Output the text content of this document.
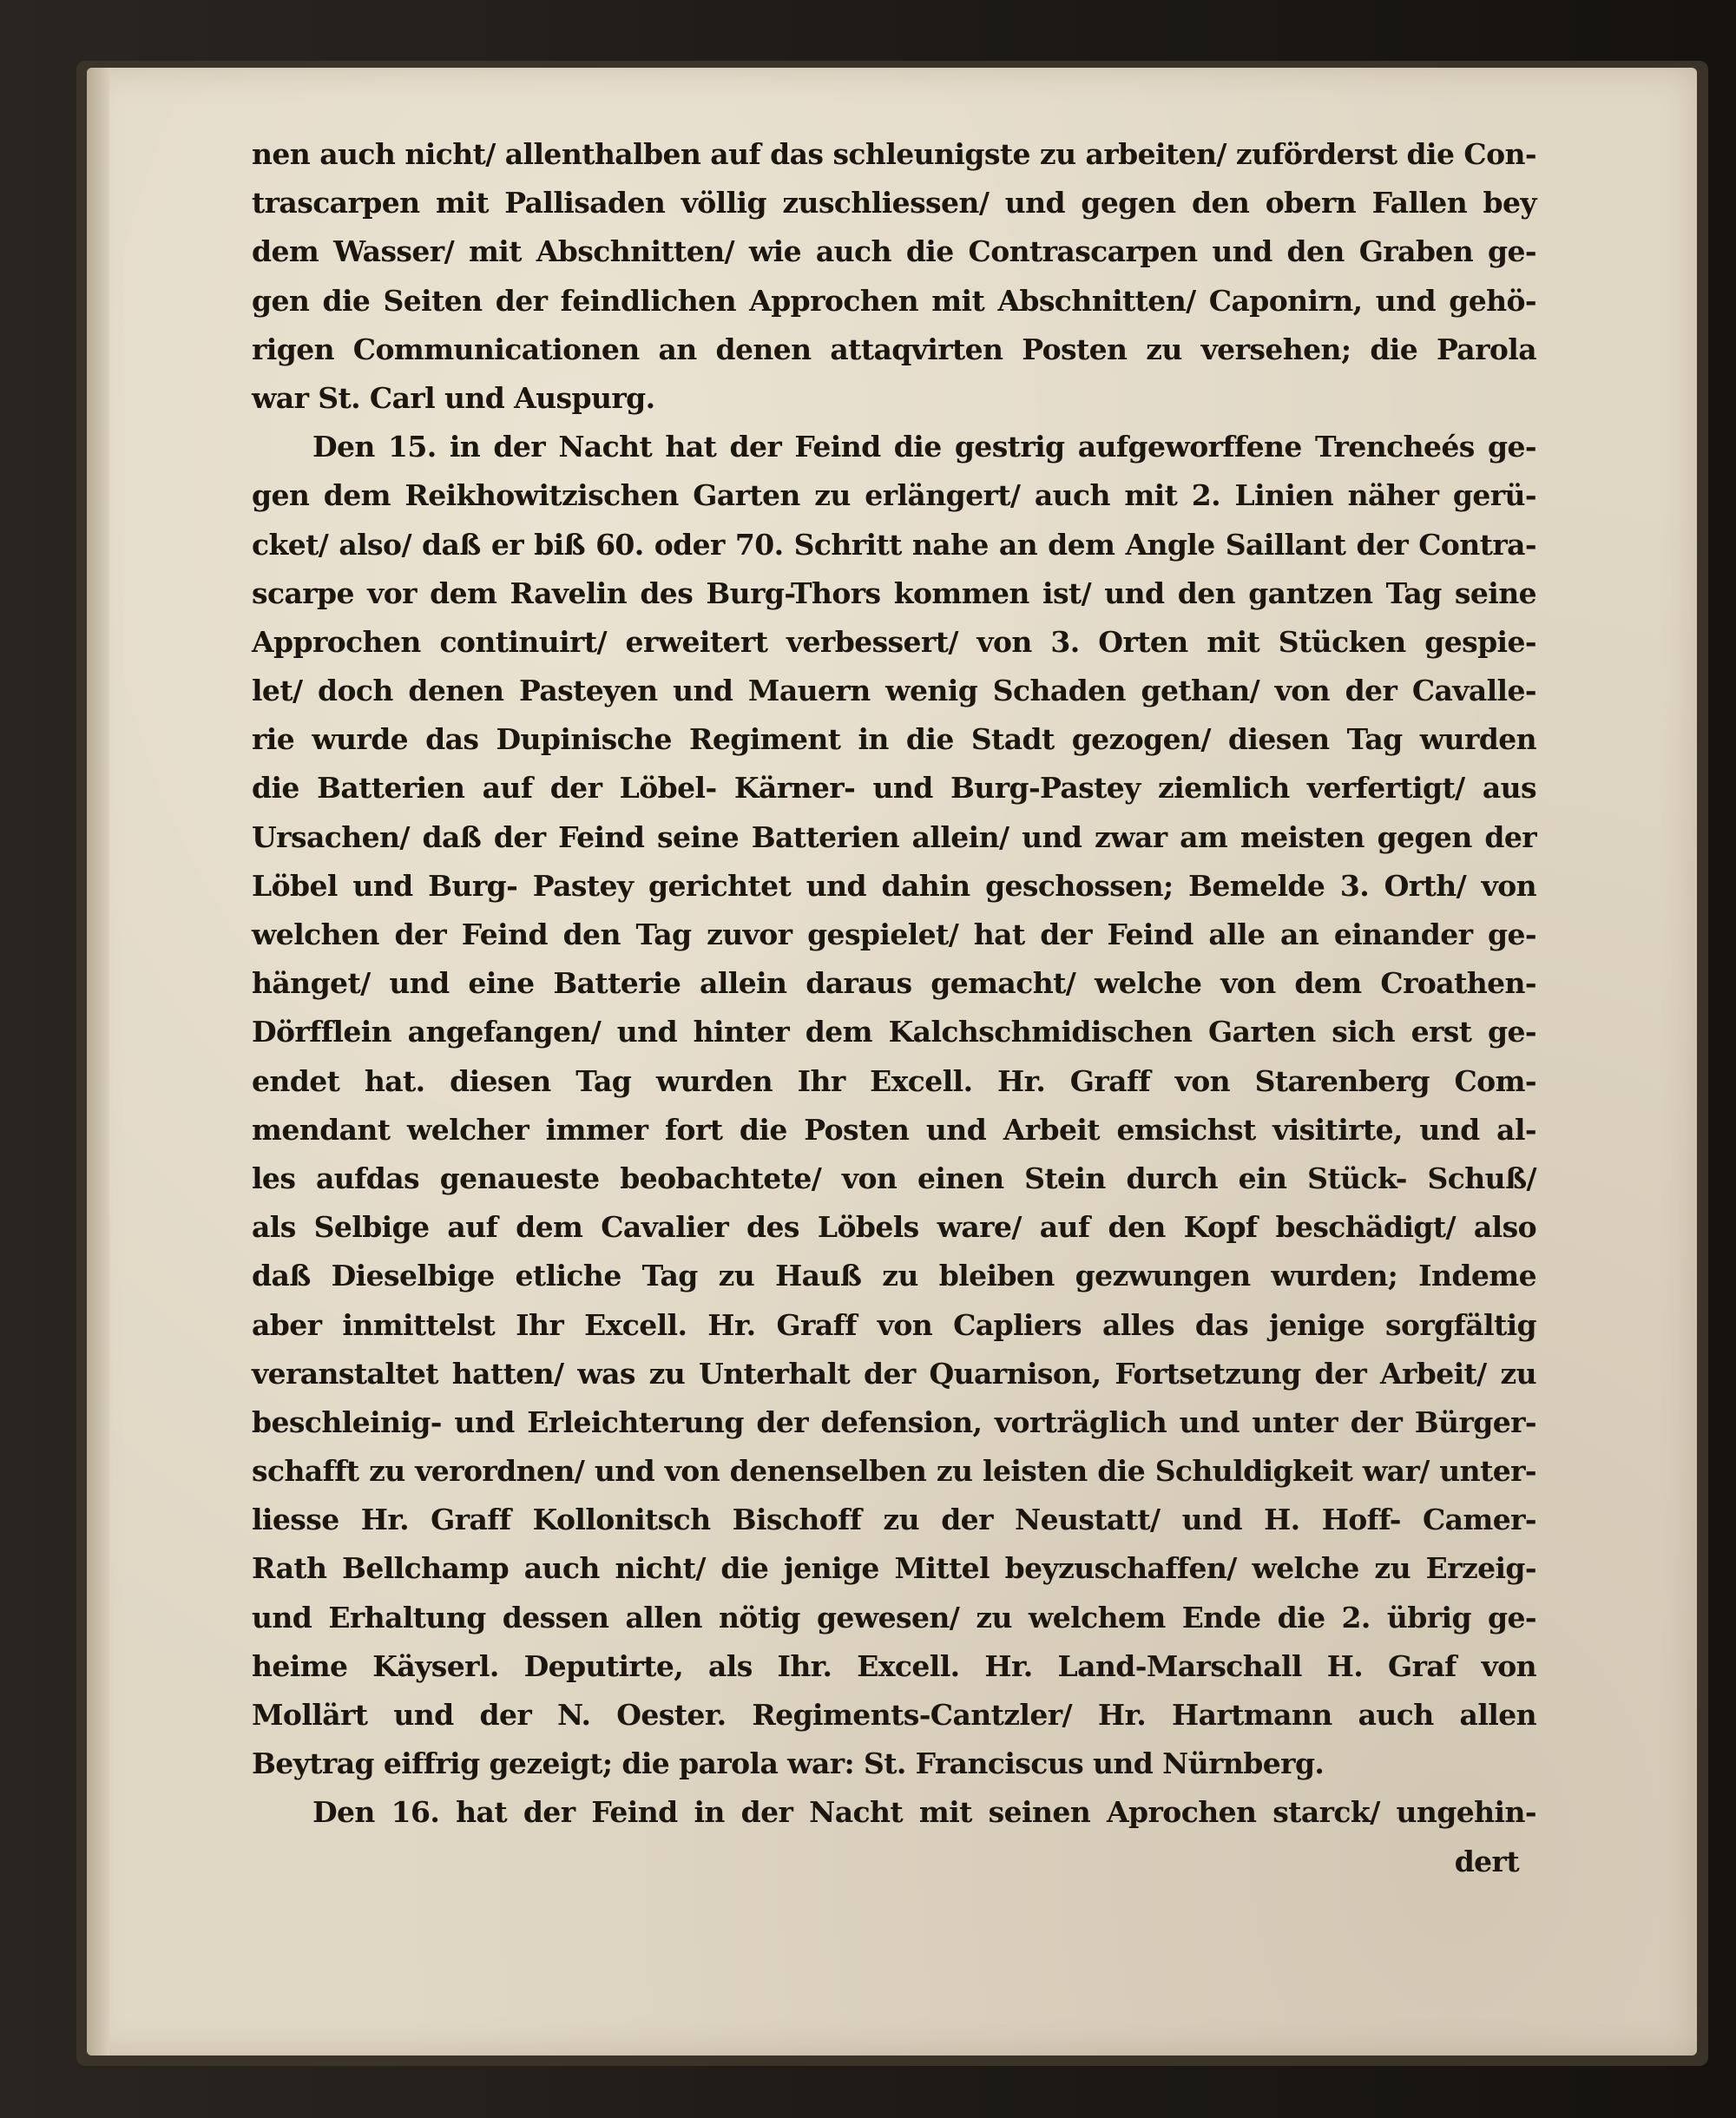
nen auch nicht/ allenthalben auf das schleunigste zu arbeiten/ zuförderst die Con-
trascarpen mit Pallisaden völlig zuschliessen/ und gegen den obern Fallen bey
dem Wasser/ mit Abschnitten/ wie auch die Contrascarpen und den Graben ge-
gen die Seiten der feindlichen Approchen mit Abschnitten/ Caponirn, und gehö-
rigen Communicationen an denen attaqvirten Posten zu versehen; die Parola
war St. Carl und Auspurg.
Den 15. in der Nacht hat der Feind die gestrig aufgeworffene Trencheés ge-
gen dem Reikhowitzischen Garten zu erlängert/ auch mit 2. Linien näher gerü-
cket/ also/ daß er biß 60. oder 70. Schritt nahe an dem Angle Saillant der Contra-
scarpe vor dem Ravelin des Burg-Thors kommen ist/ und den gantzen Tag seine
Approchen continuirt/ erweitert verbessert/ von 3. Orten mit Stücken gespie-
let/ doch denen Pasteyen und Mauern wenig Schaden gethan/ von der Cavalle-
rie wurde das Dupinische Regiment in die Stadt gezogen/ diesen Tag wurden
die Batterien auf der Löbel- Kärner- und Burg-Pastey ziemlich verfertigt/ aus
Ursachen/ daß der Feind seine Batterien allein/ und zwar am meisten gegen der
Löbel und Burg- Pastey gerichtet und dahin geschossen; Bemelde 3. Orth/ von
welchen der Feind den Tag zuvor gespielet/ hat der Feind alle an einander ge-
hänget/ und eine Batterie allein daraus gemacht/ welche von dem Croathen-
Dörfflein angefangen/ und hinter dem Kalchschmidischen Garten sich erst ge-
endet hat. diesen Tag wurden Ihr Excell. Hr. Graff von Starenberg Com-
mendant welcher immer fort die Posten und Arbeit emsichst visitirte, und al-
les aufdas genaueste beobachtete/ von einen Stein durch ein Stück- Schuß/
als Selbige auf dem Cavalier des Löbels ware/ auf den Kopf beschädigt/ also
daß Dieselbige etliche Tag zu Hauß zu bleiben gezwungen wurden; Indeme
aber inmittelst Ihr Excell. Hr. Graff von Capliers alles das jenige sorgfältig
veranstaltet hatten/ was zu Unterhalt der Quarnison, Fortsetzung der Arbeit/ zu
beschleinig- und Erleichterung der defension, vorträglich und unter der Bürger-
schafft zu verordnen/ und von denenselben zu leisten die Schuldigkeit war/ unter-
liesse Hr. Graff Kollonitsch Bischoff zu der Neustatt/ und H. Hoff- Camer-
Rath Bellchamp auch nicht/ die jenige Mittel beyzuschaffen/ welche zu Erzeig-
und Erhaltung dessen allen nötig gewesen/ zu welchem Ende die 2. übrig ge-
heime Käyserl. Deputirte, als Ihr. Excell. Hr. Land-Marschall H. Graf von
Mollärt und der N. Oester. Regiments-Cantzler/ Hr. Hartmann auch allen
Beytrag eiffrig gezeigt; die parola war: St. Franciscus und Nürnberg.
Den 16. hat der Feind in der Nacht mit seinen Aprochen starck/ ungehin-
dert
